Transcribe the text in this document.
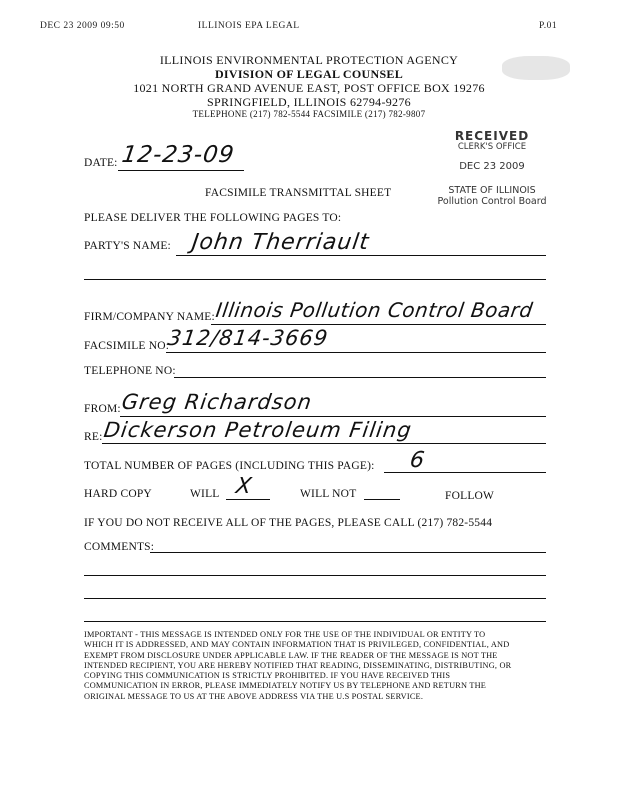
DEC 23 2009 09:50	ILLINOIS EPA LEGAL	P.01
ILLINOIS ENVIRONMENTAL PROTECTION AGENCY
DIVISION OF LEGAL COUNSEL
1021 NORTH GRAND AVENUE EAST, POST OFFICE BOX 19276
SPRINGFIELD, ILLINOIS 62794-9276
TELEPHONE (217) 782-5544 FACSIMILE (217) 782-9807
RECEIVED
CLERK'S OFFICE
DEC 23 2009
STATE OF ILLINOIS
Pollution Control Board
DATE: 12-23-09
FACSIMILE TRANSMITTAL SHEET
PLEASE DELIVER THE FOLLOWING PAGES TO:
PARTY'S NAME: John Therriault
FIRM/COMPANY NAME: Illinois Pollution Control Board
FACSIMILE NO:
312/814-3669
TELEPHONE NO:
FROM: Greg Richardson
RE: Dickerson Petroleum Filing
TOTAL NUMBER OF PAGES (INCLUDING THIS PAGE): 6
HARD COPY	WILL X	WILL NOT	FOLLOW
IF YOU DO NOT RECEIVE ALL OF THE PAGES, PLEASE CALL (217) 782-5544
COMMENTS:
IMPORTANT - THIS MESSAGE IS INTENDED ONLY FOR THE USE OF THE INDIVIDUAL OR ENTITY TO WHICH IT IS ADDRESSED, AND MAY CONTAIN INFORMATION THAT IS PRIVILEGED, CONFIDENTIAL, AND EXEMPT FROM DISCLOSURE UNDER APPLICABLE LAW. IF THE READER OF THE MESSAGE IS NOT THE INTENDED RECIPIENT, YOU ARE HEREBY NOTIFIED THAT READING, DISSEMINATING, DISTRIBUTING, OR COPYING THIS COMMUNICATION IS STRICTLY PROHIBITED. IF YOU HAVE RECEIVED THIS COMMUNICATION IN ERROR, PLEASE IMMEDIATELY NOTIFY US BY TELEPHONE AND RETURN THE ORIGINAL MESSAGE TO US AT THE ABOVE ADDRESS VIA THE U.S POSTAL SERVICE.
